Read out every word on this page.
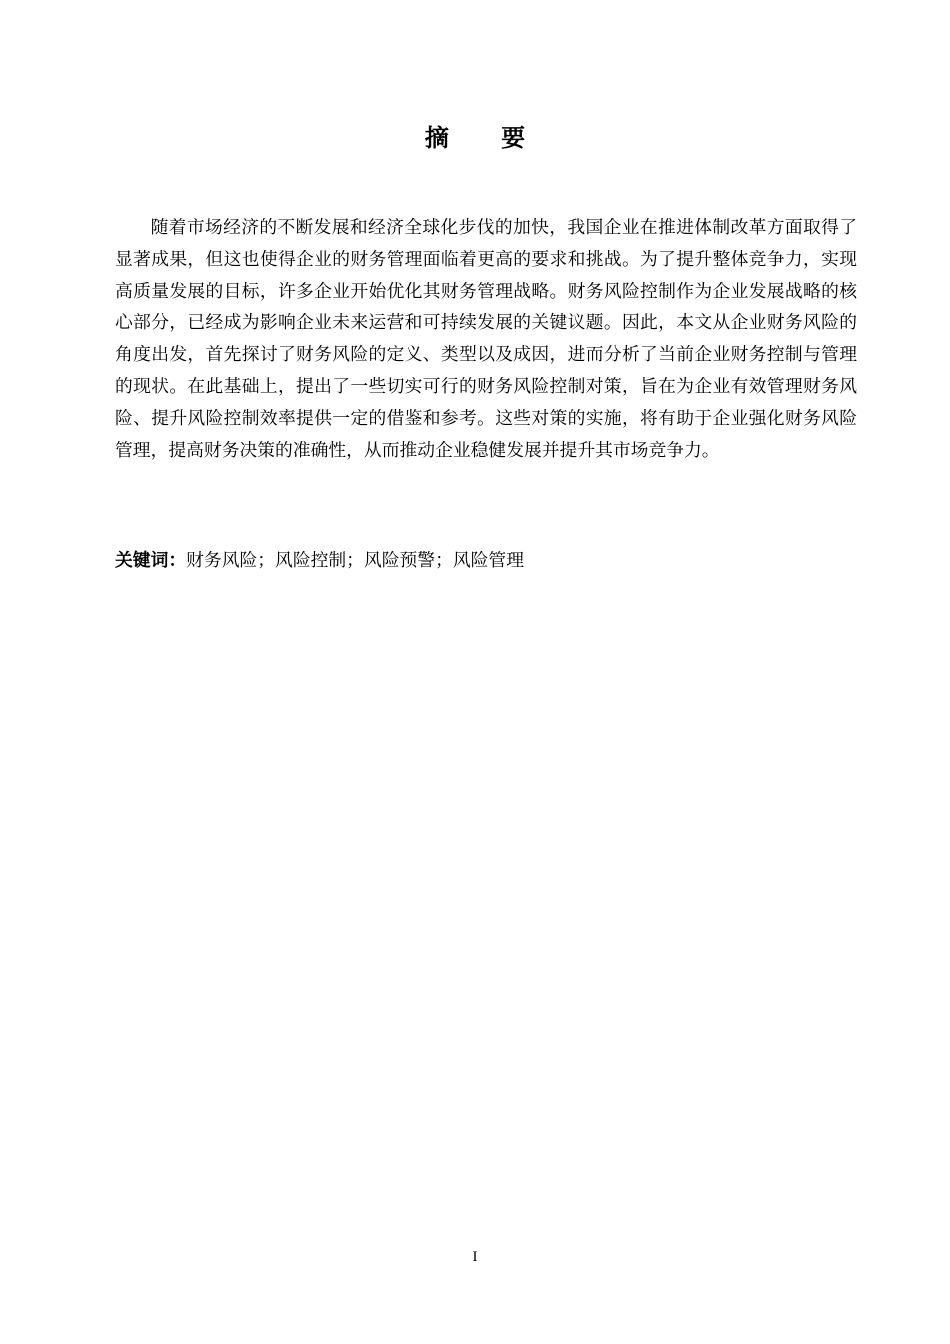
摘 要

随着市场经济的不断发展和经济全球化步伐的加快，我国企业在推进体制改革方面取得了显著成果，但这也使得企业的财务管理面临着更高的要求和挑战。为了提升整体竞争力，实现高质量发展的目标，许多企业开始优化其财务管理战略。财务风险控制作为企业发展战略的核心部分，已经成为影响企业未来运营和可持续发展的关键议题。因此，本文从企业财务风险的角度出发，首先探讨了财务风险的定义、类型以及成因，进而分析了当前企业财务控制与管理的现状。在此基础上，提出了一些切实可行的财务风险控制对策，旨在为企业有效管理财务风险、提升风险控制效率提供一定的借鉴和参考。这些对策的实施，将有助于企业强化财务风险管理，提高财务决策的准确性，从而推动企业稳健发展并提升其市场竞争力。

关键词：财务风险；风险控制；风险预警；风险管理

I
